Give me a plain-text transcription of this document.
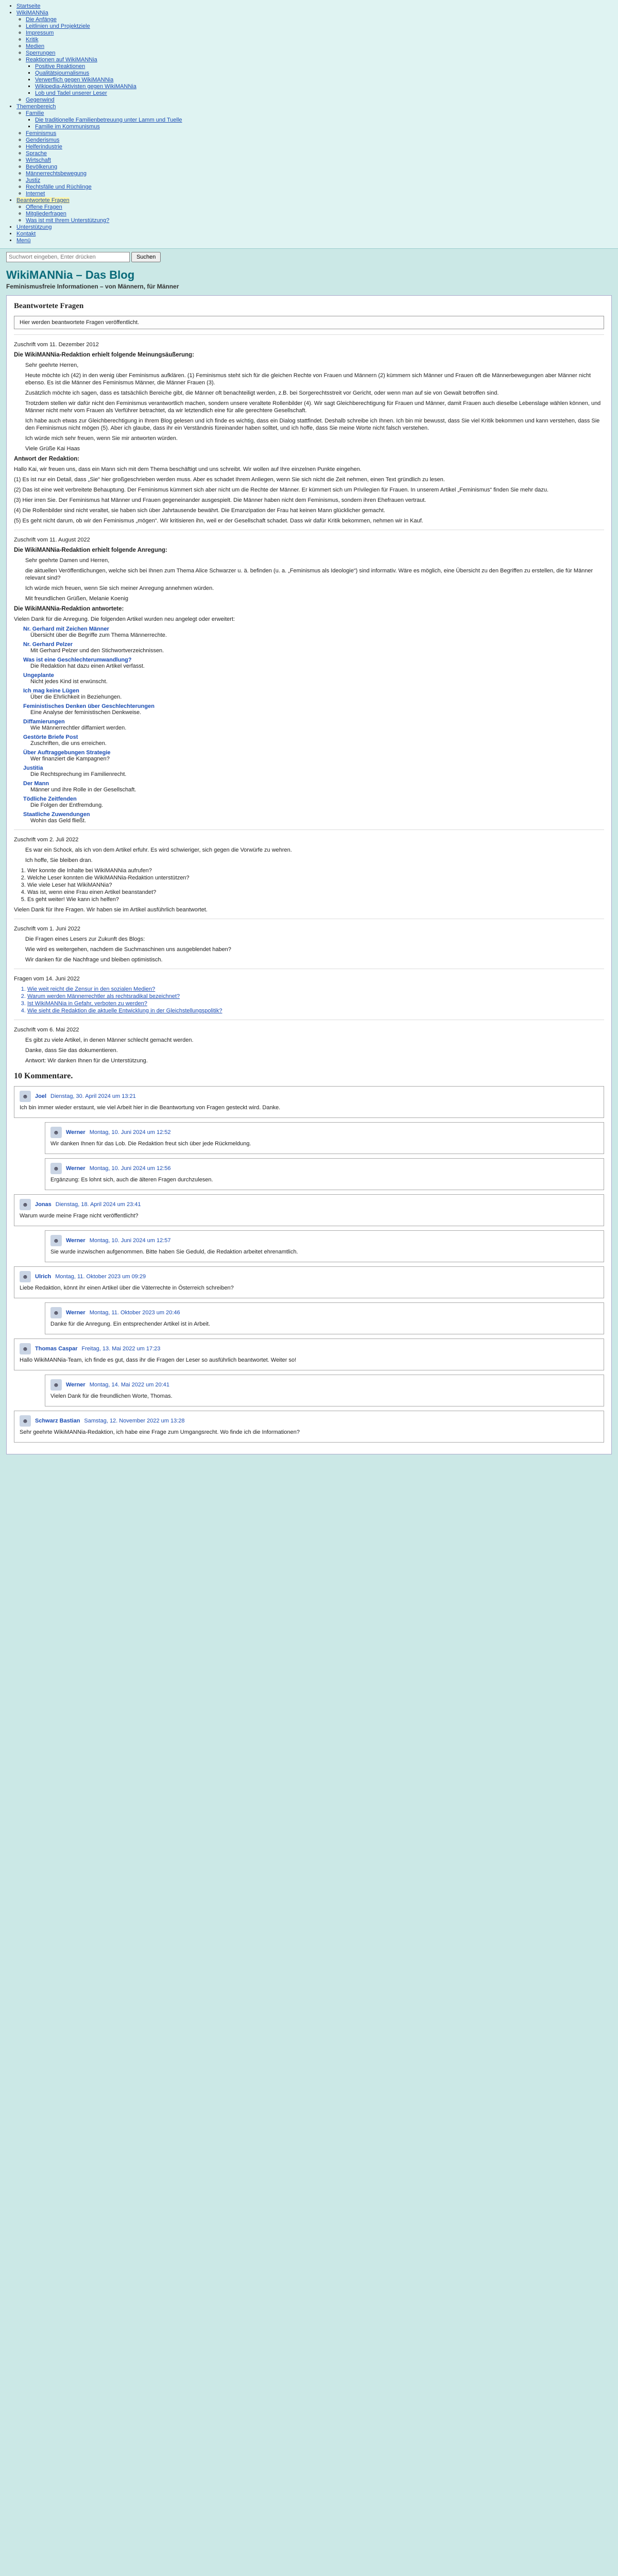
• Startseite
• WikiMANNia
◦ Die Anfänge
◦ Leitlinien und Projektziele
◦ Impressum
◦ Kritik
◦ Medien
◦ Sperrungen
◦ Reaktionen auf WikiMANNia
▪ Positive Reaktionen
▪ Qualitätsjournalismus
▪ Verwerflich gegen WikiMANNia
▪ Wikipedia-Aktivisten gegen WikiMANNia
▪ Lob und Tadel unserer Leser
◦ Gegenwind
• Themenbereich
◦ Familie
▪ Die traditionelle Familienbetreuung unter Lamm und Tuelle
▪ Familie im Kommunismus
◦ Feminismus
◦ Genderismus
◦ Helferindustrie
◦ Sprache
◦ Wirtschaft
◦ Bevölkerung
◦ Männerrechtsbewegung
◦ Justiz
◦ Rechtsfälle und Rüchlinge
◦ Internet
• Beantwortete Fragen
◦ Offene Fragen
◦ Mitgliederfragen
◦ Was ist mit Ihrem Unterstützung?
• Unterstützung
• Kontakt
• Menü
Suchwort eingeben, Enter drücken Suchen
WikiMANNia – Das Blog
Feminismusfreie Informationen – von Männern, für Männer
Beantwortete Fragen
Hier werden beantwortete Fragen veröffentlicht.

Zuschrift vom 11. Dezember 2012

Die WikiMANNia-Redaktion erhielt folgende Meinungsäußerung:

Sehr geehrte Herren,

Heute möchte ich (42) in den wenig über Feminismus aufklären. (1) Feminismus steht sich für die gleichen Rechte von Frauen und Männern (2) kümmern sich Männer und Frauen oft die Männerbewegungen aber Männer nicht ebenso. Es ist die Männer des Feminismus Männer, die Männer Frauen (3).

Zusätzlich möchte ich sagen, dass es tatsächlich Bereiche gibt, die Männer oft benachteiligt werden, z.B. bei Sorgerechtsstreit vor Gericht, oder wenn man auf sie von Gewalt betroffen sind.

Trotzdem stellen wir dafür nicht den Feminismus verantwortlich machen, sondern unsere veraltete Rollenbilder (4). Wir sagt Gleichberechtigung für Frauen und Männer, damit Frauen auch dieselbe Lebenslage wählen können, und Männer nicht mehr vom Frauen als Verführer betrachtet, da wir letztendlich eine für alle gerechtere Gesellschaft.

Ich habe auch etwas zur Gleichberechtigung in Ihrem Blog gelesen und ich finde es wichtig, dass ein Dialog stattfindet. Deshalb schreibe ich Ihnen. Ich bin mir bewusst, dass Sie viel Kritik bekommen und kann verstehen, dass Sie den Feminismus nicht mögen (5). Aber ich glaube, dass ihr ein Verständnis füreinander haben solltet, und ich hoffe, dass Sie meine Worte nicht falsch verstehen.

Ich würde mich sehr freuen, wenn Sie mir antworten würden.

Viele Grüße Kai Haas

Antwort der Redaktion:

Hallo Kai, wir freuen uns, dass ein Mann sich mit dem Thema beschäftigt und uns schreibt. Wir wollen auf Ihre einzelnen Punkte eingehen.

(1) Es ist nur ein Detail, dass „Sie“ hier großgeschrieben werden muss. Aber es schadet Ihrem Anliegen, wenn Sie sich nicht die Zeit nehmen, einen Text gründlich zu lesen.

(2) Das ist eine weit verbreitete Behauptung. Der Feminismus kümmert sich aber nicht um die Rechte der Männer. Er kümmert sich um Privilegien für Frauen. In unserem Artikel „Feminismus“ finden Sie mehr dazu.

(3) Hier irren Sie. Der Feminismus hat Männer und Frauen gegeneinander ausgespielt. Die Männer haben nicht dem Feminismus, sondern ihren Ehefrauen vertraut.

(4) Die Rollenbilder sind nicht veraltet, sie haben sich über Jahrtausende bewährt. Die Emanzipation der Frau hat keinen Mann glücklicher gemacht.

(5) Es geht nicht darum, ob wir den Feminismus „mögen“. Wir kritisieren ihn, weil er der Gesellschaft schadet. Dass wir dafür Kritik bekommen, nehmen wir in Kauf.

Zuschrift vom 11. August 2022

Die WikiMANNia-Redaktion erhielt folgende Anregung:

Sehr geehrte Damen und Herren,

die aktuellen Veröffentlichungen, welche sich bei Ihnen zum Thema Alice Schwarzer u. ä. befinden (u. a. „Feminismus als Ideologie“) sind informativ. Wäre es möglich, eine Übersicht zu den Begriffen zu erstellen, die für Männer relevant sind?

Ich würde mich freuen, wenn Sie sich meiner Anregung annehmen würden.

Mit freundlichen Grüßen, Melanie Koenig

Die WikiMANNia-Redaktion antwortete:

Vielen Dank für die Anregung. Die folgenden Artikel wurden neu angelegt oder erweitert:

Nr. Gerhard mit Zeichen Männer
Übersicht über die Begriffe zum Thema Männerrechte.
Nr. Gerhard Pelzer
Mit Gerhard Pelzer und den Stichwortverzeichnissen.
Was ist eine Geschlechterumwandlung?
Die Redaktion hat dazu einen Artikel verfasst.
Ungeplante
Nicht jedes Kind ist erwünscht.
Ich mag keine Lügen
Über die Ehrlichkeit in Beziehungen.
Feministisches Denken über Geschlechterungen
Eine Analyse der feministischen Denkweise.
Diffamierungen
Wie Männerrechtler diffamiert werden.
Gestörte Briefe Post
Zuschriften, die uns erreichen.
Über Auftraggebungen Strategie
Wer finanziert die Kampagnen?
Justitia
Die Rechtsprechung im Familienrecht.
Der Mann
Männer und ihre Rolle in der Gesellschaft.
Tödliche Zeitfenden
Die Folgen der Entfremdung.
Staatliche Zuwendungen
Wohin das Geld fließt.

Zuschrift vom 2. Juli 2022

Es war ein Schock, als ich von dem Artikel erfuhr. Es wird schwieriger, sich gegen die Vorwürfe zu wehren.

Ich hoffe, Sie bleiben dran.

1. Wer konnte die Inhalte bei WikiMANNia aufrufen?
2. Welche Leser konnten die WikiMANNia-Redaktion unterstützen?
3. Wie viele Leser hat WikiMANNia?
4. Was ist, wenn eine Frau einen Artikel beanstandet?
5. Es geht weiter! Wie kann ich helfen?

Vielen Dank für Ihre Fragen. Wir haben sie im Artikel ausführlich beantwortet.

Zuschrift vom 1. Juni 2022

Die Fragen eines Lesers zur Zukunft des Blogs:

Wie wird es weitergehen, nachdem die Suchmaschinen uns ausgeblendet haben?

Wir danken für die Nachfrage und bleiben optimistisch.

Fragen vom 14. Juni 2022

1. Wie weit reicht die Zensur in den sozialen Medien?
2. Warum werden Männerrechtler als rechtsradikal bezeichnet?
3. Ist WikiMANNia in Gefahr, verboten zu werden?
4. Wie sieht die Redaktion die aktuelle Entwicklung in der Gleichstellungspolitik?

Zuschrift vom 6. Mai 2022

Es gibt zu viele Artikel, in denen Männer schlecht gemacht werden.

Danke, dass Sie das dokumentieren.

Antwort: Wir danken Ihnen für die Unterstützung.

10 Kommentare.
☻	Joel Dienstag, 30. April 2024 um 13:21

Ich bin immer wieder erstaunt, wie viel Arbeit hier in die Beantwortung von Fragen gesteckt wird. Danke.

☻	Werner Montag, 10. Juni 2024 um 12:52

Wir danken Ihnen für das Lob. Die Redaktion freut sich über jede Rückmeldung.

☻	Werner Montag, 10. Juni 2024 um 12:56

Ergänzung: Es lohnt sich, auch die älteren Fragen durchzulesen.

☻	Jonas Dienstag, 18. April 2024 um 23:41

Warum wurde meine Frage nicht veröffentlicht?

☻	Werner Montag, 10. Juni 2024 um 12:57

Sie wurde inzwischen aufgenommen. Bitte haben Sie Geduld, die Redaktion arbeitet ehrenamtlich.

☻	Ulrich Montag, 11. Oktober 2023 um 09:29

Liebe Redaktion, könnt ihr einen Artikel über die Väterrechte in Österreich schreiben?

☻	Werner Montag, 11. Oktober 2023 um 20:46

Danke für die Anregung. Ein entsprechender Artikel ist in Arbeit.

☻	Thomas Caspar Freitag, 13. Mai 2022 um 17:23

Hallo WikiMANNia-Team, ich finde es gut, dass ihr die Fragen der Leser so ausführlich beantwortet. Weiter so!

☻	Werner Montag, 14. Mai 2022 um 20:41

Vielen Dank für die freundlichen Worte, Thomas.

☻	Schwarz Bastian Samstag, 12. November 2022 um 13:28

Sehr geehrte WikiMANNia-Redaktion, ich habe eine Frage zum Umgangsrecht. Wo finde ich die Informationen?
